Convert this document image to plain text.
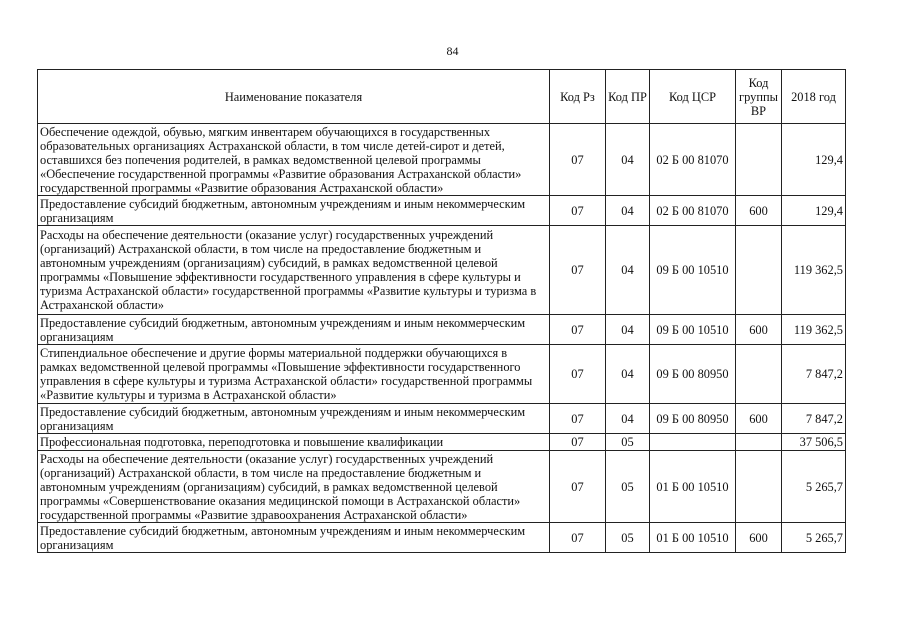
84
Наименование показателя	Код Рз	Код ПР	Код ЦСР	Код группы ВР	2018 год
Обеспечение одеждой, обувью, мягким инвентарем обучающихся в государственных образовательных организациях Астраханской области, в том числе детей-сирот и детей, оставшихся без попечения родителей, в рамках ведомственной целевой программы «Обеспечение государственной программы «Развитие образования Астраханской области» государственной программы «Развитие образования Астраханской области»	07	04	02 Б 00 81070		129,4
Предоставление субсидий бюджетным, автономным учреждениям и иным некоммерческим организациям	07	04	02 Б 00 81070	600	129,4
Расходы на обеспечение деятельности (оказание услуг) государственных учреждений (организаций) Астраханской области, в том числе на предоставление бюджетным и автономным учреждениям (организациям) субсидий, в рамках ведомственной целевой программы «Повышение эффективности государственного управления в сфере культуры и туризма Астраханской области» государственной программы «Развитие культуры и туризма в Астраханской области»	07	04	09 Б 00 10510		119 362,5
Предоставление субсидий бюджетным, автономным учреждениям и иным некоммерческим организациям	07	04	09 Б 00 10510	600	119 362,5
Стипендиальное обеспечение и другие формы материальной поддержки обучающихся в рамках ведомственной целевой программы «Повышение эффективности государственного управления в сфере культуры и туризма Астраханской области» государственной программы «Развитие культуры и туризма в Астраханской области»	07	04	09 Б 00 80950		7 847,2
Предоставление субсидий бюджетным, автономным учреждениям и иным некоммерческим организациям	07	04	09 Б 00 80950	600	7 847,2
Профессиональная подготовка, переподготовка и повышение квалификации	07	05			37 506,5
Расходы на обеспечение деятельности (оказание услуг) государственных учреждений (организаций) Астраханской области, в том числе на предоставление бюджетным и автономным учреждениям (организациям) субсидий, в рамках ведомственной целевой программы «Совершенствование оказания медицинской помощи в Астраханской области» государственной программы «Развитие здравоохранения Астраханской области»	07	05	01 Б 00 10510		5 265,7
Предоставление субсидий бюджетным, автономным учреждениям и иным некоммерческим организациям	07	05	01 Б 00 10510	600	5 265,7
